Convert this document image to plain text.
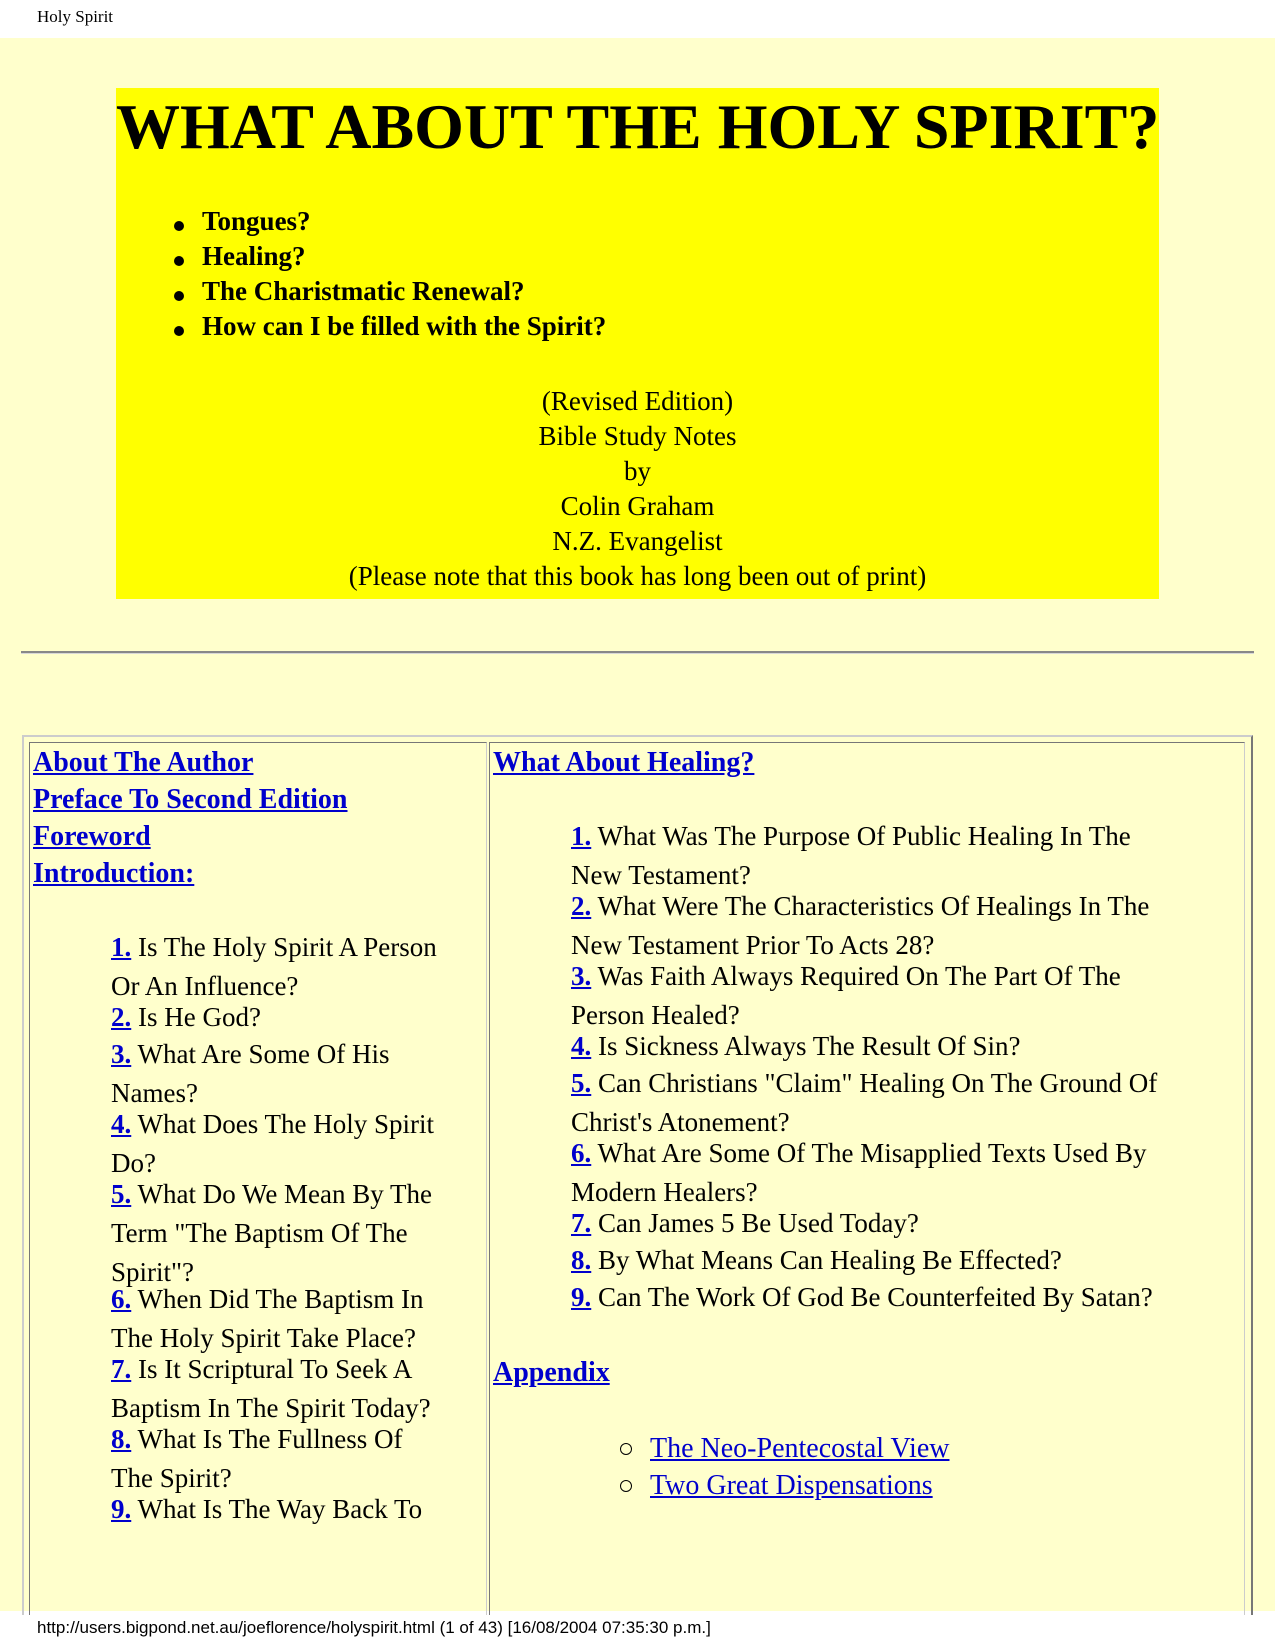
Holy Spirit
WHAT ABOUT THE HOLY SPIRIT?
Tongues?
Healing?
The Charistmatic Renewal?
How can I be filled with the Spirit?
(Revised Edition)
Bible Study Notes
by
Colin Graham
N.Z. Evangelist
(Please note that this book has long been out of print)
About The Author
Preface To Second Edition
Foreword
Introduction:
1. Is The Holy Spirit A Person
Or An Influence?
2. Is He God?
3. What Are Some Of His
Names?
4. What Does The Holy Spirit
Do?
5. What Do We Mean By The
Term "The Baptism Of The
Spirit"?
6. When Did The Baptism In
The Holy Spirit Take Place?
7. Is It Scriptural To Seek A
Baptism In The Spirit Today?
8. What Is The Fullness Of
The Spirit?
9. What Is The Way Back To
What About Healing?
1. What Was The Purpose Of Public Healing In The
New Testament?
2. What Were The Characteristics Of Healings In The
New Testament Prior To Acts 28?
3. Was Faith Always Required On The Part Of The
Person Healed?
4. Is Sickness Always The Result Of Sin?
5. Can Christians "Claim" Healing On The Ground Of
Christ's Atonement?
6. What Are Some Of The Misapplied Texts Used By
Modern Healers?
7. Can James 5 Be Used Today?
8. By What Means Can Healing Be Effected?
9. Can The Work Of God Be Counterfeited By Satan?
Appendix
The Neo-Pentecostal View
Two Great Dispensations
http://users.bigpond.net.au/joeflorence/holyspirit.html (1 of 43) [16/08/2004 07:35:30 p.m.]
